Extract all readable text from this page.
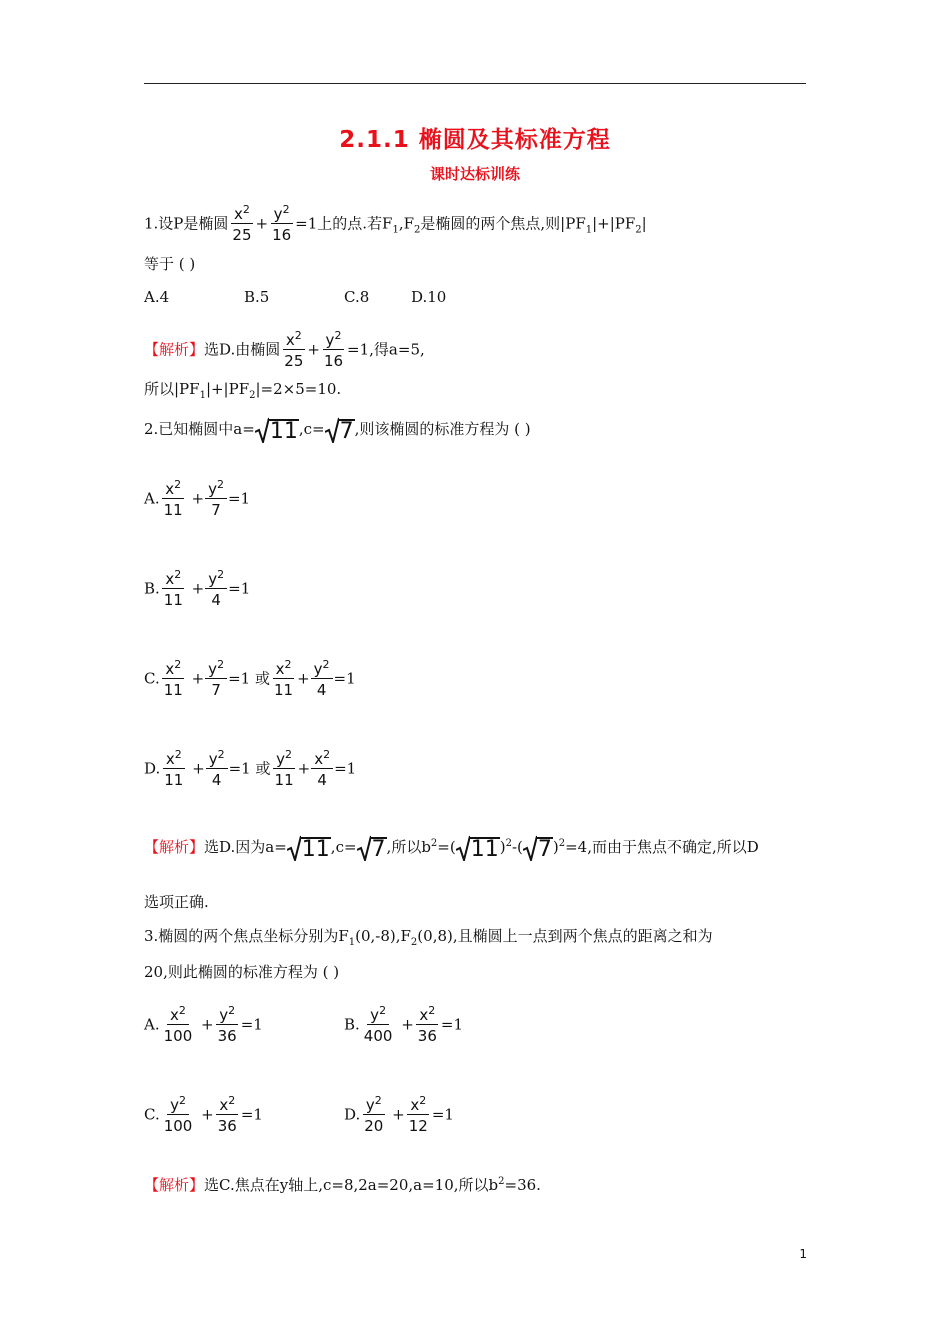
2.1.1 椭圆及其标准方程
课时达标训练
1.设P是椭圆 $\frac{x^2}{25} + \frac{y^2}{16} =1$上的点.若$F_1,F_2$是椭圆的两个焦点,则$|PF_1|+|PF_2|$
等于 ( )
A.4	B.5	C.8	D.10
【解析】选D.由椭圆 $\frac{x^2}{25} + \frac{y^2}{16} =1$,得a=5,
所以$|PF_1|+|PF_2|=2\times 5=10$.
2.已知椭圆中a= 11 ,c= 7 ,则该椭圆的标准方程为 ( )
A. $\frac{x^2}{11} + \frac{y^2}{7} =1$
B. $\frac{x^2}{11} + \frac{y^2}{4} =1$
C. $\frac{x^2}{11} + \frac{y^2}{7} =1$ 或 $\frac{x^2}{11} + \frac{y^2}{4} =1$
D. $\frac{x^2}{11} + \frac{y^2}{4} =1$ 或 $\frac{y^2}{11} + \frac{x^2}{4} =1$
【解析】选D.因为a= 11 ,c= 7 ,所以$b^2=$( 11 )$^2$-( 7 )$^2$=4,而由于焦点不确定,所以D
选项正确.
3.椭圆的两个焦点坐标分别为$F_1(0,-8),F_2(0,8)$,且椭圆上一点到两个焦点的距离之和为
20,则此椭圆的标准方程为 ( )
A. $\frac{x^2}{100} + \frac{y^2}{36} =1$	B. $\frac{y^2}{400} + \frac{x^2}{36} =1$
C. $\frac{y^2}{100} + \frac{x^2}{36} =1$	D. $\frac{y^2}{20} + \frac{x^2}{12} =1$
【解析】选C.焦点在y轴上,c=8,2a=20,a=10,所以$b^2=36$.
1
